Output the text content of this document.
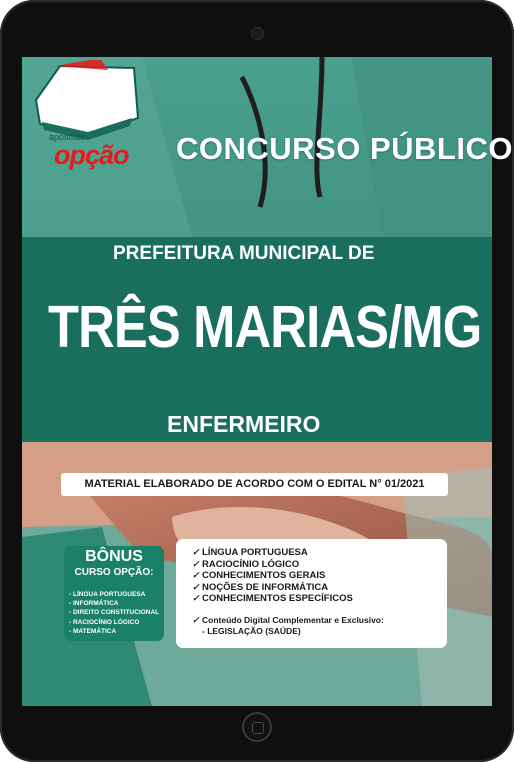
apostilas
opção	CONCURSO PÚBLICO
PREFEITURA MUNICIPAL DE
TRÊS MARIAS/MG
ENFERMEIRO
MATERIAL ELABORADO DE ACORDO COM O EDITAL N° 01/2021
BÔNUS
CURSO OPÇÃO:
- LÍNGUA PORTUGUESA
- INFORMÁTICA
- DIREITO CONSTITUCIONAL
- RACIOCÍNIO LÓGICO
- MATEMÁTICA
✓ LÍNGUA PORTUGUESA
✓ RACIOCÍNIO LÓGICO
✓ CONHECIMENTOS GERAIS
✓ NOÇÕES DE INFORMÁTICA
✓ CONHECIMENTOS ESPECÍFICOS
✓ Conteúdo Digital Complementar e Exclusivo:
- LEGISLAÇÃO (SAÚDE)
